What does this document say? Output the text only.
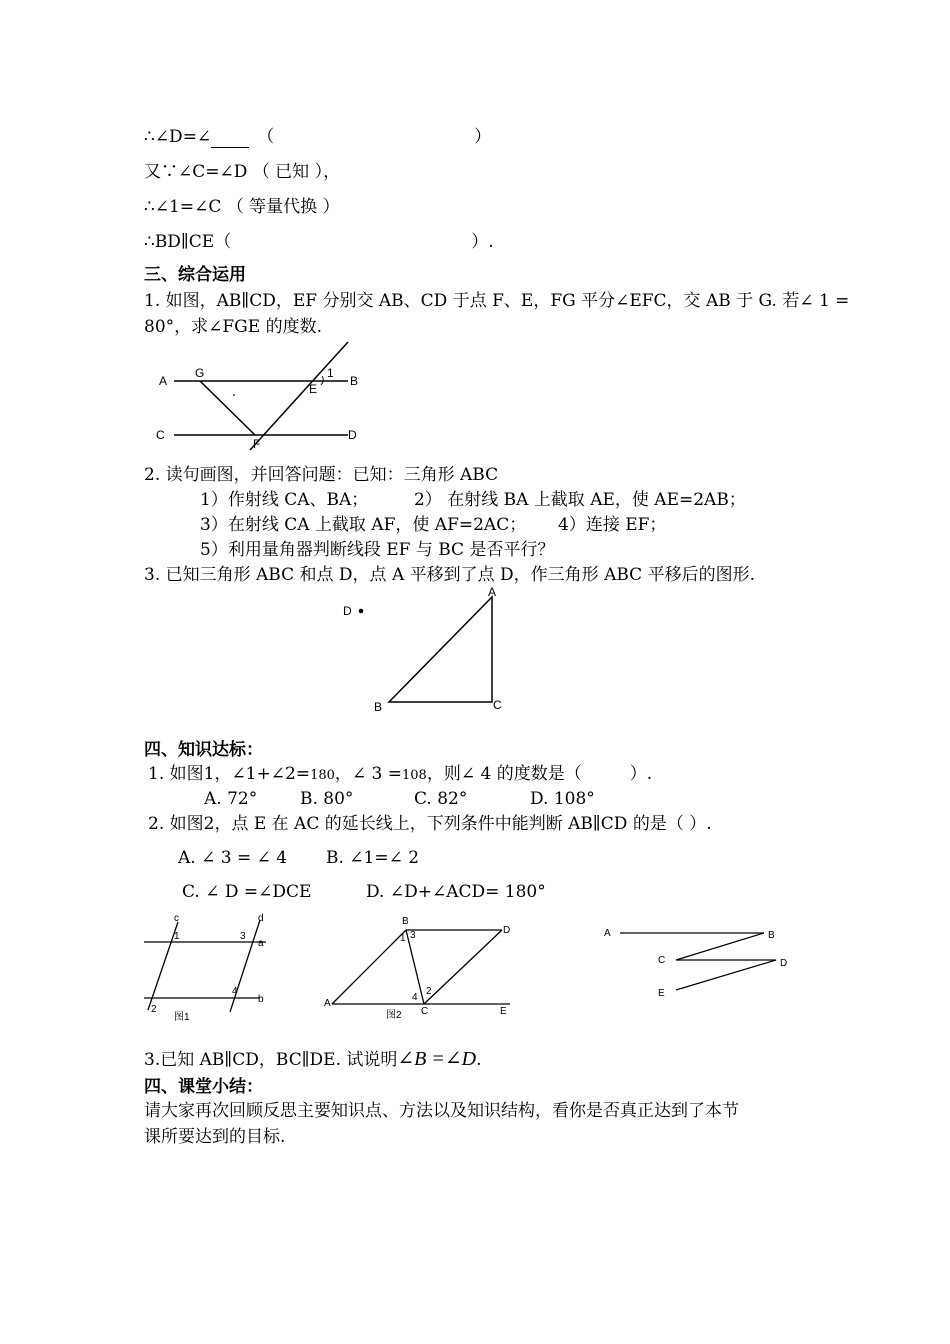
∴∠D=∠	（	）
又∵∠C=∠D （ 已知 ），
∴∠1=∠C （ 等量代换 ）
∴BD∥CE（	）.
三、综合运用
1. 如图，AB∥CD，EF 分别交 AB、CD 于点 F、E，FG 平分∠EFC，交 AB 于 G. 若∠ 1 =
80°，求∠FGE 的度数.
A
G
E
1
B
C
F
D
2. 读句画图，并回答问题：已知：三角形 ABC
1）作射线 CA、BA；	2） 在射线 BA 上截取 AE，使 AE=2AB；
3）在射线 CA 上截取 AF，使 AF=2AC； 4）连接 EF；
5）利用量角器判断线段 EF 与 BC 是否平行？
3. 已知三角形 ABC 和点 D，点 A 平移到了点 D，作三角形 ABC 平移后的图形.
D
A
B	C
四、知识达标：
1. 如图1，∠1+∠2=180，∠ 3 =108，则∠ 4 的度数是（	）.
A. 72°	B. 80°	C. 82°	D. 108°
2. 如图2，点 E 在 AC 的延长线上，下列条件中能判断 AB∥CD 的是（ ）.
A. ∠ 3 = ∠ 4 B. ∠1=∠ 2
C. ∠ D =∠DCE	D. ∠D+∠ACD= 180°
c	d
1	3
a
4
b
2
图1
B
D
1 3
A
4
2
C	E
图2
A	B
C	D
E
3.已知 AB∥CD，BC∥DE. 试说明∠B =∠D.
四、课堂小结：
请大家再次回顾反思主要知识点、方法以及知识结构，看你是否真正达到了本节
课所要达到的目标.
